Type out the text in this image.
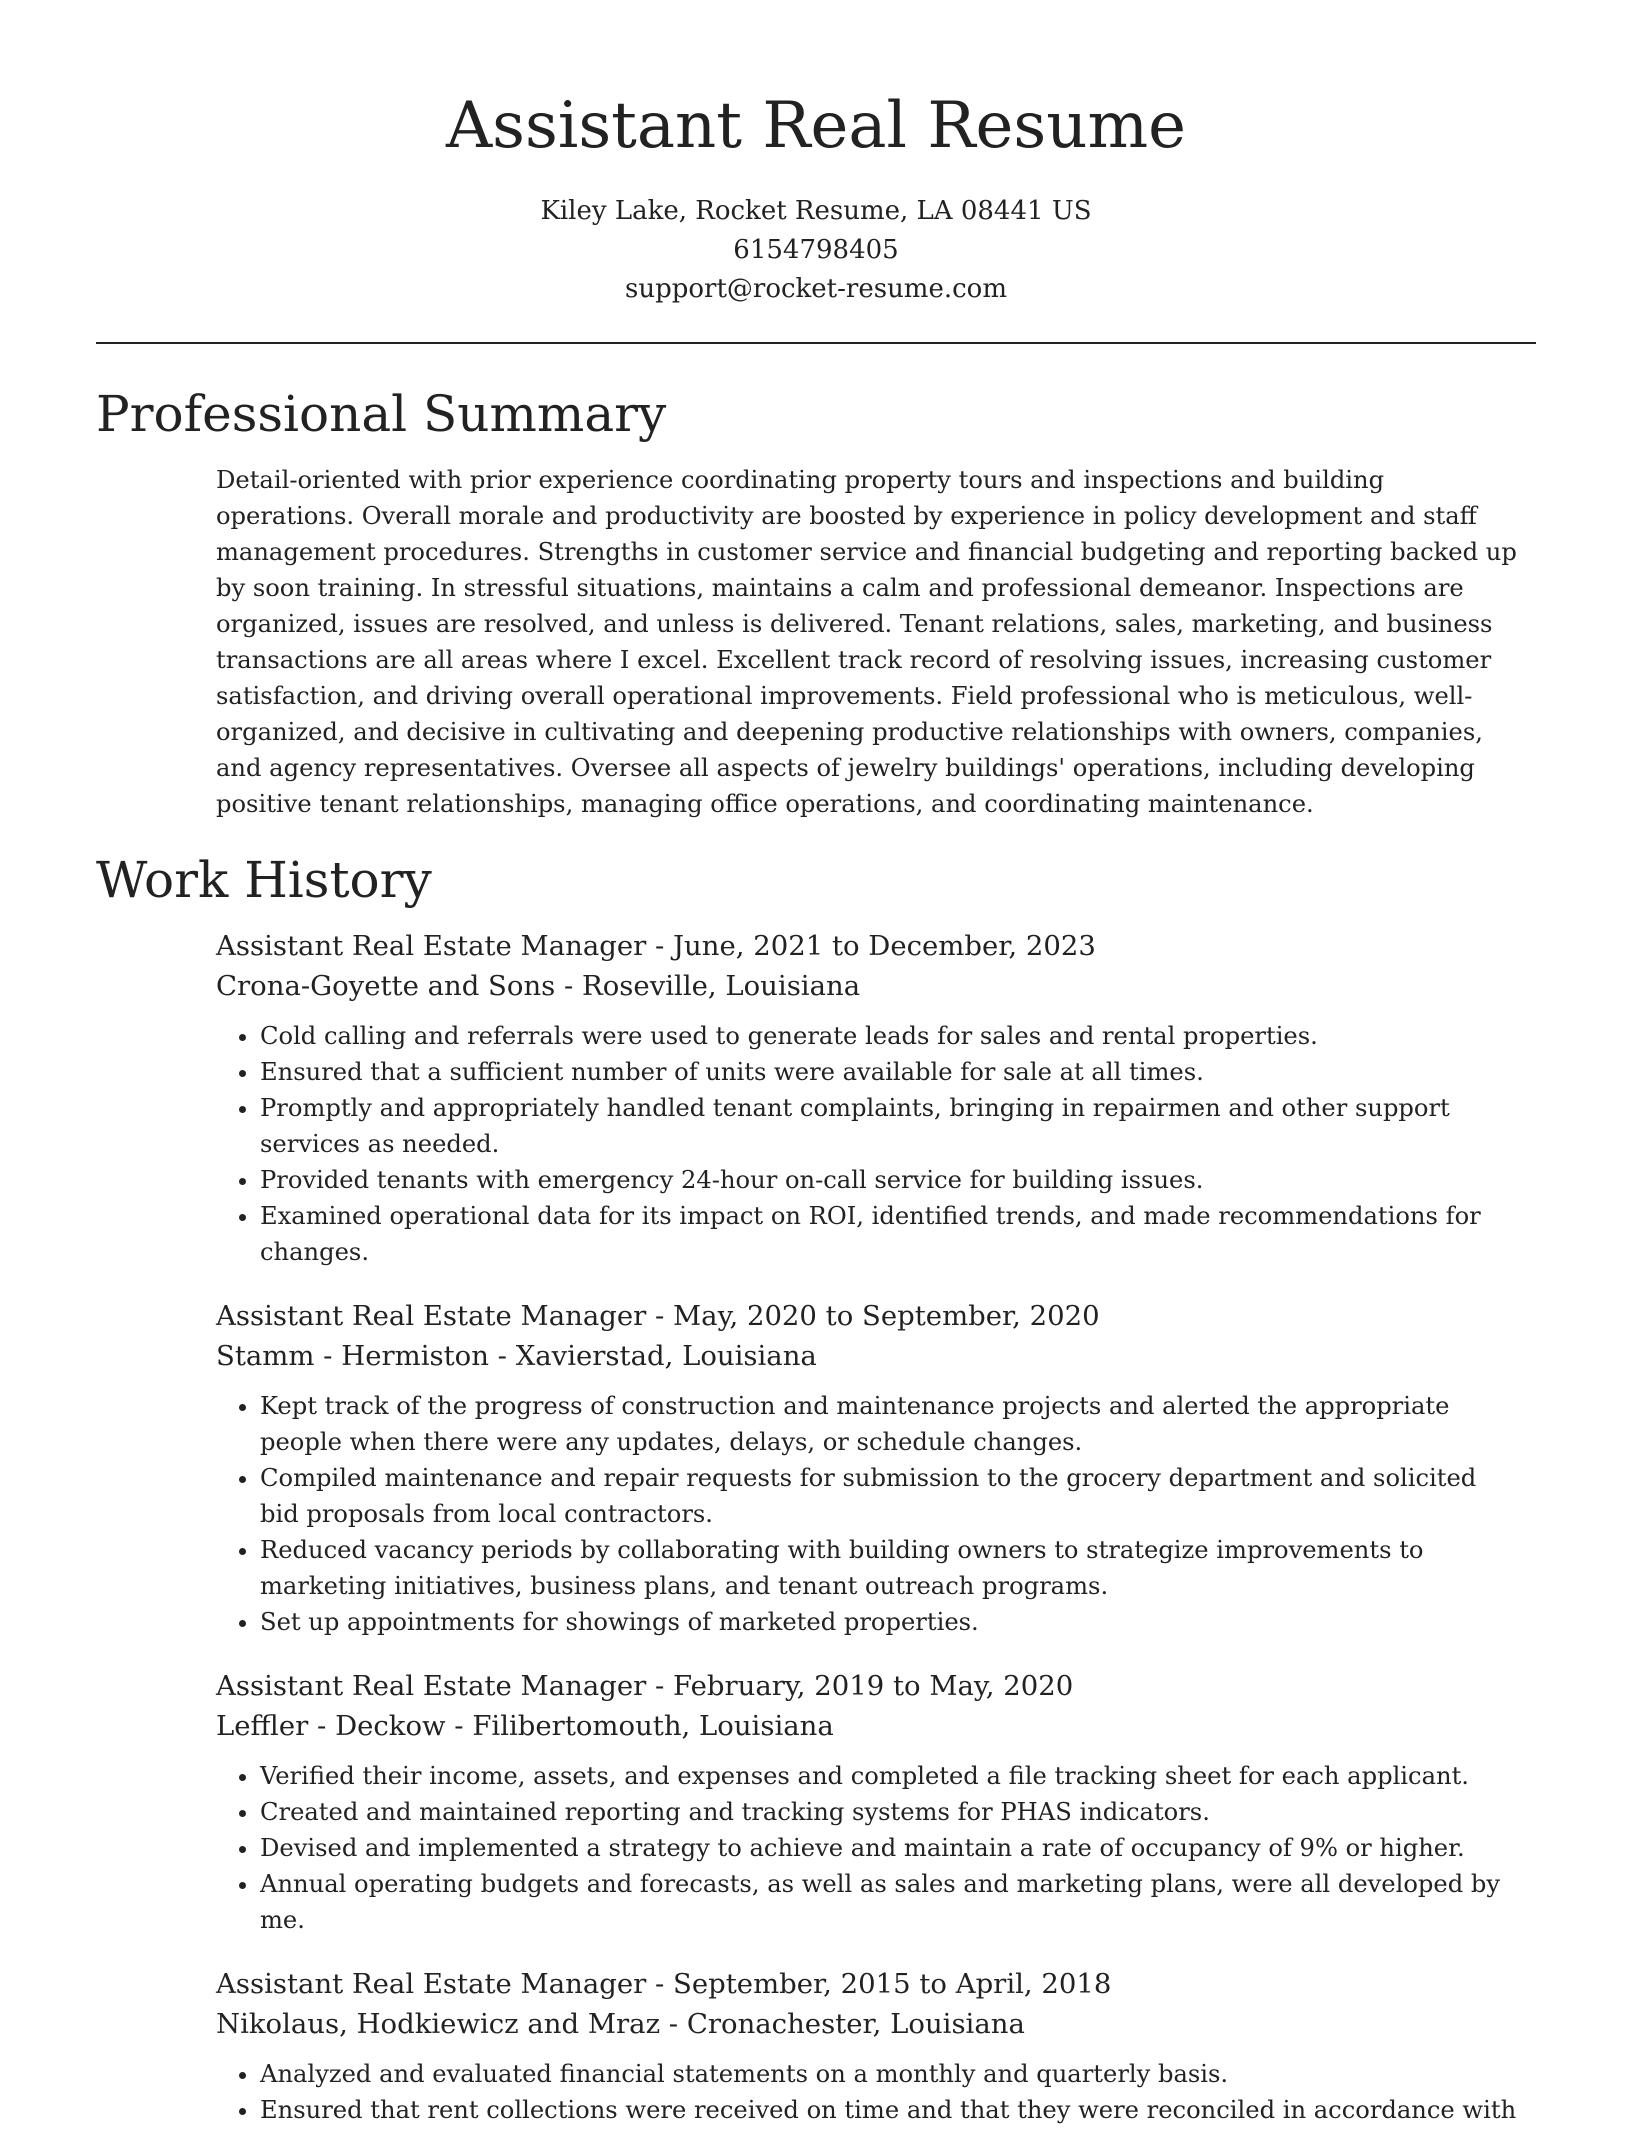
Assistant Real Resume
Kiley Lake, Rocket Resume, LA 08441 US
6154798405
support@rocket-resume.com
Professional Summary

Detail-oriented with prior experience coordinating property tours and inspections and building operations. Overall morale and productivity are boosted by experience in policy development and staff management procedures. Strengths in customer service and financial budgeting and reporting backed up by soon training. In stressful situations, maintains a calm and professional demeanor. Inspections are organized, issues are resolved, and unless is delivered. Tenant relations, sales, marketing, and business transactions are all areas where I excel. Excellent track record of resolving issues, increasing customer satisfaction, and driving overall operational improvements. Field professional who is meticulous, well-organized, and decisive in cultivating and deepening productive relationships with owners, companies, and agency representatives. Oversee all aspects of jewelry buildings' operations, including developing positive tenant relationships, managing office operations, and coordinating maintenance.

Work History
Assistant Real Estate Manager - June, 2021 to December, 2023
Crona-Goyette and Sons - Roseville, Louisiana
• Cold calling and referrals were used to generate leads for sales and rental properties.
• Ensured that a sufficient number of units were available for sale at all times.
• Promptly and appropriately handled tenant complaints, bringing in repairmen and other support services as needed.
• Provided tenants with emergency 24-hour on-call service for building issues.
• Examined operational data for its impact on ROI, identified trends, and made recommendations for changes.
Assistant Real Estate Manager - May, 2020 to September, 2020
Stamm - Hermiston - Xavierstad, Louisiana
• Kept track of the progress of construction and maintenance projects and alerted the appropriate people when there were any updates, delays, or schedule changes.
• Compiled maintenance and repair requests for submission to the grocery department and solicited bid proposals from local contractors.
• Reduced vacancy periods by collaborating with building owners to strategize improvements to marketing initiatives, business plans, and tenant outreach programs.
• Set up appointments for showings of marketed properties.
Assistant Real Estate Manager - February, 2019 to May, 2020
Leffler - Deckow - Filibertomouth, Louisiana
• Verified their income, assets, and expenses and completed a file tracking sheet for each applicant.
• Created and maintained reporting and tracking systems for PHAS indicators.
• Devised and implemented a strategy to achieve and maintain a rate of occupancy of 9% or higher.
• Annual operating budgets and forecasts, as well as sales and marketing plans, were all developed by me.
Assistant Real Estate Manager - September, 2015 to April, 2018
Nikolaus, Hodkiewicz and Mraz - Cronachester, Louisiana
• Analyzed and evaluated financial statements on a monthly and quarterly basis.
• Ensured that rent collections were received on time and that they were reconciled in accordance with
